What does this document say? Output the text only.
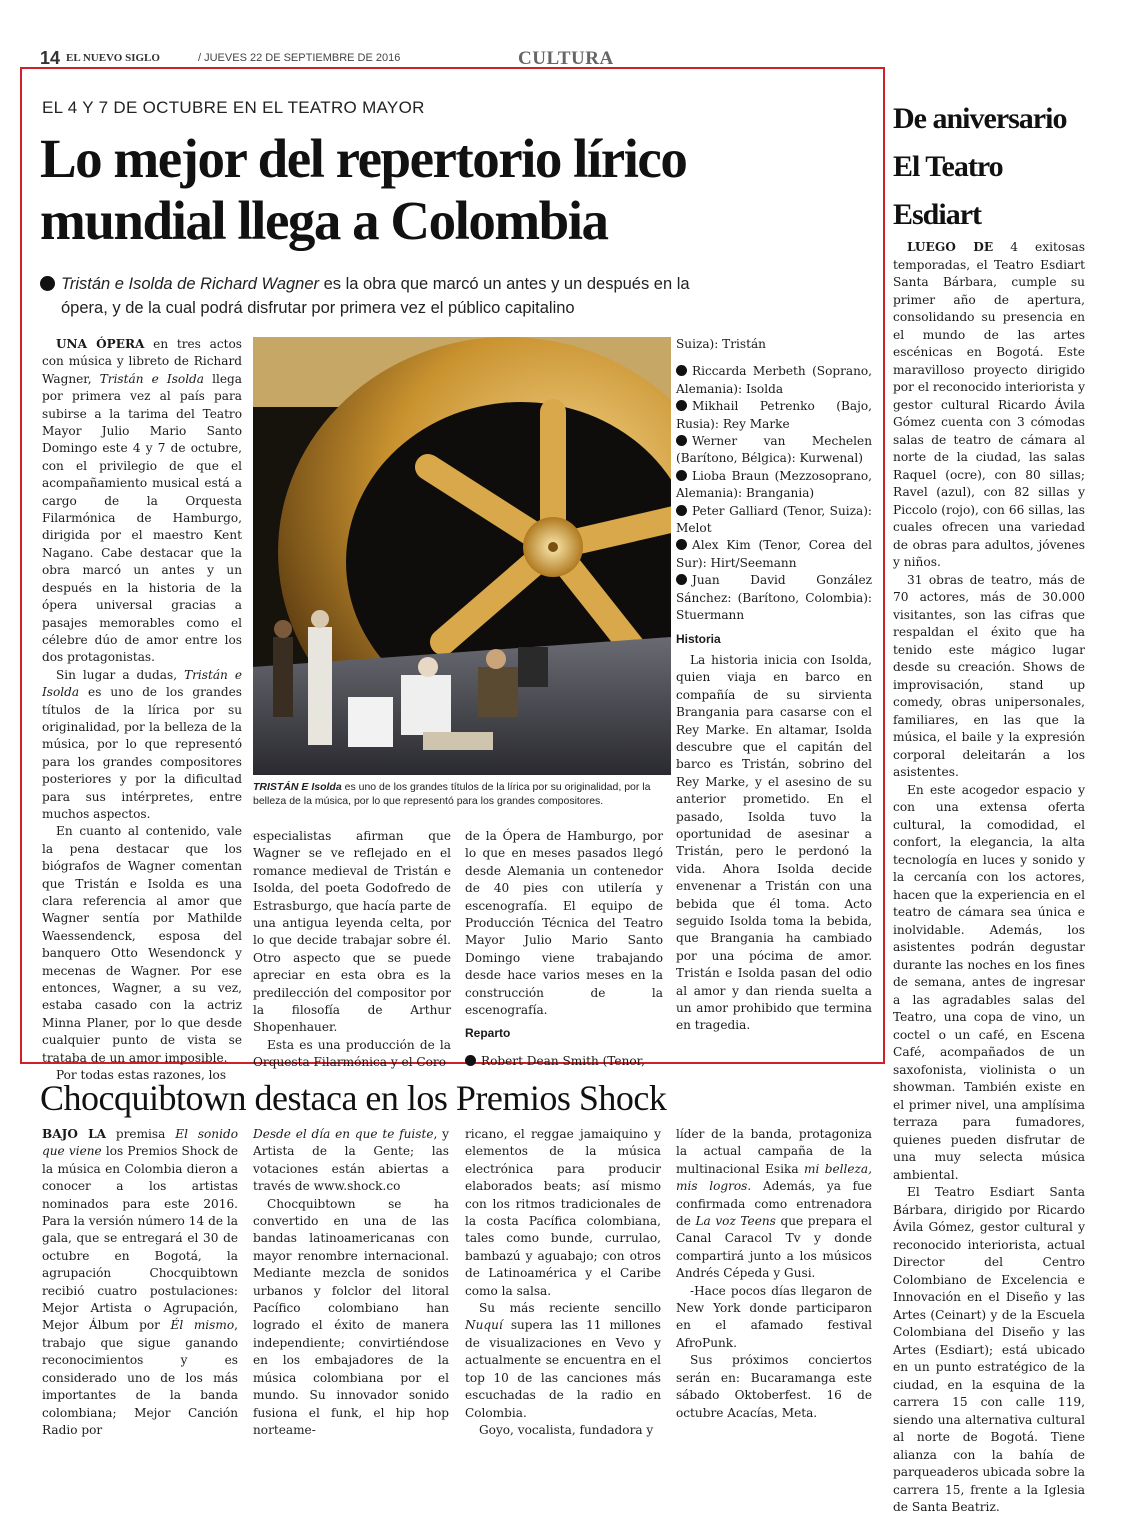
14 EL NUEVO SIGLO	/ JUEVES 22 DE SEPTIEMBRE DE 2016	CULTURA
EL 4 Y 7 DE OCTUBRE EN EL TEATRO MAYOR
Lo mejor del repertorio lírico
mundial llega a Colombia
Tristán e Isolda de Richard Wagner es la obra que marcó un antes y un después en la
ópera, y de la cual podrá disfrutar por primera vez el público capitalino

UNA ÓPERA en tres actos con música y libreto de Richard Wagner, Tristán e Isolda llega por primera vez al país para subirse a la tarima del Teatro Mayor Julio Mario Santo Domingo este 4 y 7 de octubre, con el privilegio de que el acompañamiento musical está a cargo de la Orquesta Filarmónica de Hamburgo, dirigida por el maestro Kent Nagano. Cabe destacar que la obra marcó un antes y un después en la historia de la ópera universal gracias a pasajes memorables como el célebre dúo de amor entre los dos protagonistas.

Sin lugar a dudas, Tristán e Isolda es uno de los grandes títulos de la lírica por su originalidad, por la belleza de la música, por lo que representó para los grandes compositores posteriores y por la dificultad para sus intérpretes, entre muchos aspectos.

En cuanto al contenido, vale la pena destacar que los biógrafos de Wagner comentan que Tristán e Isolda es una clara referencia al amor que Wagner sentía por Mathilde Waessendenck, esposa del banquero Otto Wesendonck y mecenas de Wagner. Por ese entonces, Wagner, a su vez, estaba casado con la actriz Minna Planer, por lo que desde cualquier punto de vista se trataba de un amor imposible.

Por todas estas razones, los

TRISTÁN E Isolda es uno de los grandes títulos de la lírica por su originalidad, por la belleza de la música, por lo que representó para los grandes compositores.

especialistas afirman que Wagner se ve reflejado en el romance medieval de Tristán e Isolda, del poeta Godofredo de Estrasburgo, que hacía parte de una antigua leyenda celta, por lo que decide trabajar sobre él. Otro aspecto que se puede apreciar en esta obra es la predilección del compositor por la filosofía de Arthur Shopenhauer.

Esta es una producción de la Orquesta Filarmónica y el Coro

de la Ópera de Hamburgo, por lo que en meses pasados llegó desde Alemania un contenedor de 40 pies con utilería y escenografía. El equipo de Producción Técnica del Teatro Mayor Julio Mario Santo Domingo viene trabajando desde hace varios meses en la construcción de la escenografía.

Reparto

Robert Dean Smith (Tenor,

Suiza): Tristán

Riccarda Merbeth (Soprano, Alemania): Isolda

Mikhail Petrenko (Bajo, Rusia): Rey Marke

Werner van Mechelen (Barítono, Bélgica): Kurwenal)

Lioba Braun (Mezzosoprano, Alemania): Brangania)

Peter Galliard (Tenor, Suiza): Melot

Alex Kim (Tenor, Corea del Sur): Hirt/Seemann

Juan David González Sánchez: (Barítono, Colombia): Stuermann

Historia

La historia inicia con Isolda, quien viaja en barco en compañía de su sirvienta Brangania para casarse con el Rey Marke. En altamar, Isolda descubre que el capitán del barco es Tristán, sobrino del Rey Marke, y el asesino de su anterior prometido. En el pasado, Isolda tuvo la oportunidad de asesinar a Tristán, pero le perdonó la vida. Ahora Isolda decide envenenar a Tristán con una bebida que él toma. Acto seguido Isolda toma la bebida, que Brangania ha cambiado por una pócima de amor. Tristán e Isolda pasan del odio al amor y dan rienda suelta a un amor prohibido que termina en tragedia.

De aniversario
El Teatro
Esdiart

LUEGO DE 4 exitosas temporadas, el Teatro Esdiart Santa Bárbara, cumple su primer año de apertura, consolidando su presencia en el mundo de las artes escénicas en Bogotá. Este maravilloso proyecto dirigido por el reconocido interiorista y gestor cultural Ricardo Ávila Gómez cuenta con 3 cómodas salas de teatro de cámara al norte de la ciudad, las salas Raquel (ocre), con 80 sillas; Ravel (azul), con 82 sillas y Piccolo (rojo), con 66 sillas, las cuales ofrecen una variedad de obras para adultos, jóvenes y niños.

31 obras de teatro, más de 70 actores, más de 30.000 visitantes, son las cifras que respaldan el éxito que ha tenido este mágico lugar desde su creación. Shows de improvisación, stand up comedy, obras unipersonales, familiares, en las que la música, el baile y la expresión corporal deleitarán a los asistentes.

En este acogedor espacio y con una extensa oferta cultural, la comodidad, el confort, la elegancia, la alta tecnología en luces y sonido y la cercanía con los actores, hacen que la experiencia en el teatro de cámara sea única e inolvidable. Además, los asistentes podrán degustar durante las noches en los fines de semana, antes de ingresar a las agradables salas del Teatro, una copa de vino, un coctel o un café, en Escena Café, acompañados de un saxofonista, violinista o un showman. También existe en el primer nivel, una amplísima terraza para fumadores, quienes pueden disfrutar de una muy selecta música ambiental.

El Teatro Esdiart Santa Bárbara, dirigido por Ricardo Ávila Gómez, gestor cultural y reconocido interiorista, actual Director del Centro Colombiano de Excelencia e Innovación en el Diseño y las Artes (Ceinart) y de la Escuela Colombiana del Diseño y las Artes (Esdiart); está ubicado en un punto estratégico de la ciudad, en la esquina de la carrera 15 con calle 119, siendo una alternativa cultural al norte de Bogotá. Tiene alianza con la bahía de parqueaderos ubicada sobre la carrera 15, frente a la Iglesia de Santa Beatriz.

Chocquibtown destaca en los Premios Shock

BAJO LA premisa El sonido que viene los Premios Shock de la música en Colombia dieron a conocer a los artistas nominados para este 2016. Para la versión número 14 de la gala, que se entregará el 30 de octubre en Bogotá, la agrupación Chocquibtown recibió cuatro postulaciones: Mejor Artista o Agrupación, Mejor Álbum por Él mismo, trabajo que sigue ganando reconocimientos y es considerado uno de los más importantes de la banda colombiana; Mejor Canción Radio por

Desde el día en que te fuiste, y Artista de la Gente; las votaciones están abiertas a través de www.shock.co

Chocquibtown se ha convertido en una de las bandas latinoamericanas con mayor renombre internacional. Mediante mezcla de sonidos urbanos y folclor del litoral Pacífico colombiano han logrado el éxito de manera independiente; convirtiéndose en los embajadores de la música colombiana por el mundo. Su innovador sonido fusiona el funk, el hip hop norteame-

ricano, el reggae jamaiquino y elementos de la música electrónica para producir elaborados beats; así mismo con los ritmos tradicionales de la costa Pacífica colombiana, tales como bunde, currulao, bambazú y aguabajo; con otros de Latinoamérica y el Caribe como la salsa.

Su más reciente sencillo Nuquí supera las 11 millones de visualizaciones en Vevo y actualmente se encuentra en el top 10 de las canciones más escuchadas de la radio en Colombia.

Goyo, vocalista, fundadora y

líder de la banda, protagoniza la actual campaña de la multinacional Esika mi belleza, mis logros. Además, ya fue confirmada como entrenadora de La voz Teens que prepara el Canal Caracol Tv y donde compartirá junto a los músicos Andrés Cépeda y Gusi.

-Hace pocos días llegaron de New York donde participaron en el afamado festival AfroPunk.

Sus próximos conciertos serán en: Bucaramanga este sábado Oktoberfest. 16 de octubre Acacías, Meta.
